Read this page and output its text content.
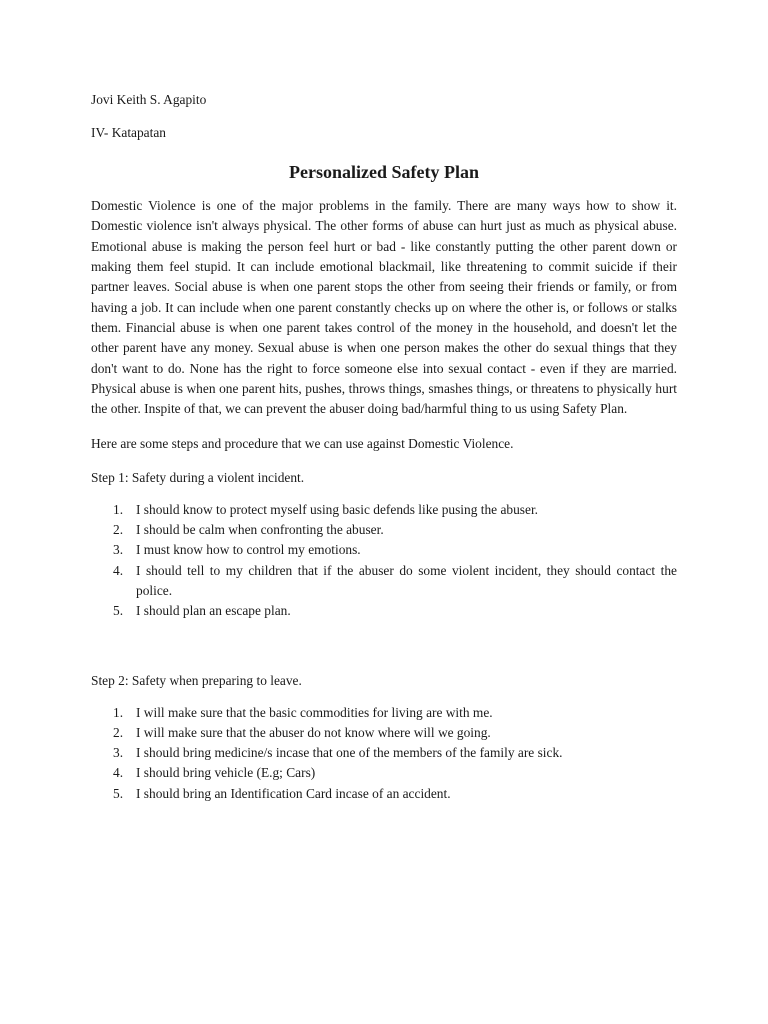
Jovi Keith S. Agapito

IV- Katapatan

Personalized Safety Plan

Domestic Violence is one of the major problems in the family. There are many ways how to show it. Domestic violence isn't always physical. The other forms of abuse can hurt just as much as physical abuse. Emotional abuse is making the person feel hurt or bad - like constantly putting the other parent down or making them feel stupid. It can include emotional blackmail, like threatening to commit suicide if their partner leaves. Social abuse is when one parent stops the other from seeing their friends or family, or from having a job. It can include when one parent constantly checks up on where the other is, or follows or stalks them. Financial abuse is when one parent takes control of the money in the household, and doesn't let the other parent have any money. Sexual abuse is when one person makes the other do sexual things that they don't want to do. None has the right to force someone else into sexual contact - even if they are married. Physical abuse is when one parent hits, pushes, throws things, smashes things, or threatens to physically hurt the other. Inspite of that, we can prevent the abuser doing bad/harmful thing to us using Safety Plan.

Here are some steps and procedure that we can use against Domestic Violence.

Step 1: Safety during a violent incident.

1. I should know to protect myself using basic defends like pusing the abuser.
2. I should be calm when confronting the abuser.
3. I must know how to control my emotions.
4. I should tell to my children that if the abuser do some violent incident, they should contact the police.
5. I should plan an escape plan.

Step 2: Safety when preparing to leave.

1. I will make sure that the basic commodities for living are with me.
2. I will make sure that the abuser do not know where will we going.
3. I should bring medicine/s incase that one of the members of the family are sick.
4. I should bring vehicle (E.g; Cars)
5. I should bring an Identification Card incase of an accident.
